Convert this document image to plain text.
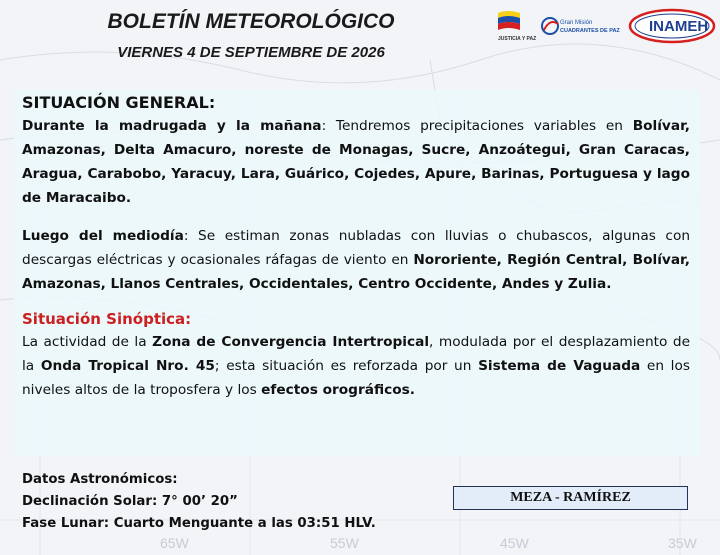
65W	55W	45W	35W
BOLETÍN METEOROLÓGICO
VIERNES 4 DE SEPTIEMBRE DE 2026
JUSTICIA Y PAZ
Gran Misión
CUADRANTES DE PAZ INAMEH
SITUACIÓN GENERAL:

Durante la madrugada y la mañana: Tendremos precipitaciones variables en Bolívar, Amazonas, Delta Amacuro, noreste de Monagas, Sucre, Anzoátegui, Gran Caracas, Aragua, Carabobo, Yaracuy, Lara, Guárico, Cojedes, Apure, Barinas, Portuguesa y lago de Maracaibo.

Luego del mediodía: Se estiman zonas nubladas con lluvias o chubascos, algunas con descargas eléctricas y ocasionales ráfagas de viento en Nororiente, Región Central, Bolívar, Amazonas, Llanos Centrales, Occidentales, Centro Occidente, Andes y Zulia.

Situación Sinóptica:

La actividad de la Zona de Convergencia Intertropical, modulada por el desplazamiento de la Onda Tropical Nro. 45; esta situación es reforzada por un Sistema de Vaguada en los niveles altos de la troposfera y los efectos orográficos.

Datos Astronómicos:
Declinación Solar: 7° 00’ 20”
Fase Lunar: Cuarto Menguante a las 03:51 HLV.
MEZA - RAMÍREZ
